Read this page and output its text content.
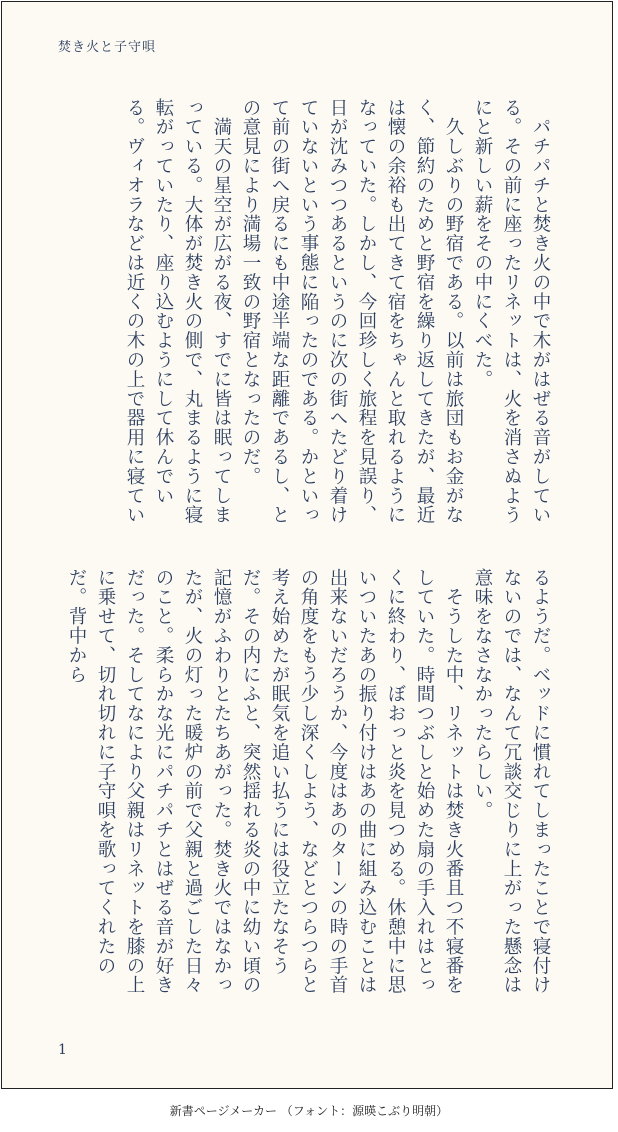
焚き火と子守唄

　パチパチと焚き火の中で木がはぜる音がしている。その前に座ったリネットは、火を消さぬようにと新しい薪をその中にくべた。

　久しぶりの野宿である。以前は旅団もお金がなく、節約のためと野宿を繰り返してきたが、最近は懐の余裕も出てきて宿をちゃんと取れるようになっていた。しかし、今回珍しく旅程を見誤り、日が沈みつつあるというのに次の街へたどり着けていないという事態に陥ったのである。かといって前の街へ戻るにも中途半端な距離であるし、との意見により満場一致の野宿となったのだ。

　満天の星空が広がる夜、すでに皆は眠ってしまっている。大体が焚き火の側で、丸まるように寝転がっていたり、座り込むようにして休んでいる。ヴィオラなどは近くの木の上で器用に寝てい

るようだ。ベッドに慣れてしまったことで寝付けないのでは、なんて冗談交じりに上がった懸念は意味をなさなかったらしい。

　そうした中、リネットは焚き火番且つ不寝番をしていた。時間つぶしと始めた扇の手入れはとっくに終わり、ぼおっと炎を見つめる。休憩中に思いついたあの振り付けはあの曲に組み込むことは出来ないだろうか、今度はあのターンの時の手首の角度をもう少し深くしよう、などとつらつらと考え始めたが眠気を追い払うには役立たなそうだ。その内にふと、突然揺れる炎の中に幼い頃の記憶がふわりとたちあがった。焚き火ではなかったが、火の灯った暖炉の前で父親と過ごした日々のこと。柔らかな光にパチパチとはぜる音が好きだった。そしてなにより父親はリネットを膝の上に乗せて、切れ切れに子守唄を歌ってくれたのだ。背中から

1
新書ページメーカー （フォント：源暎こぶり明朝）
